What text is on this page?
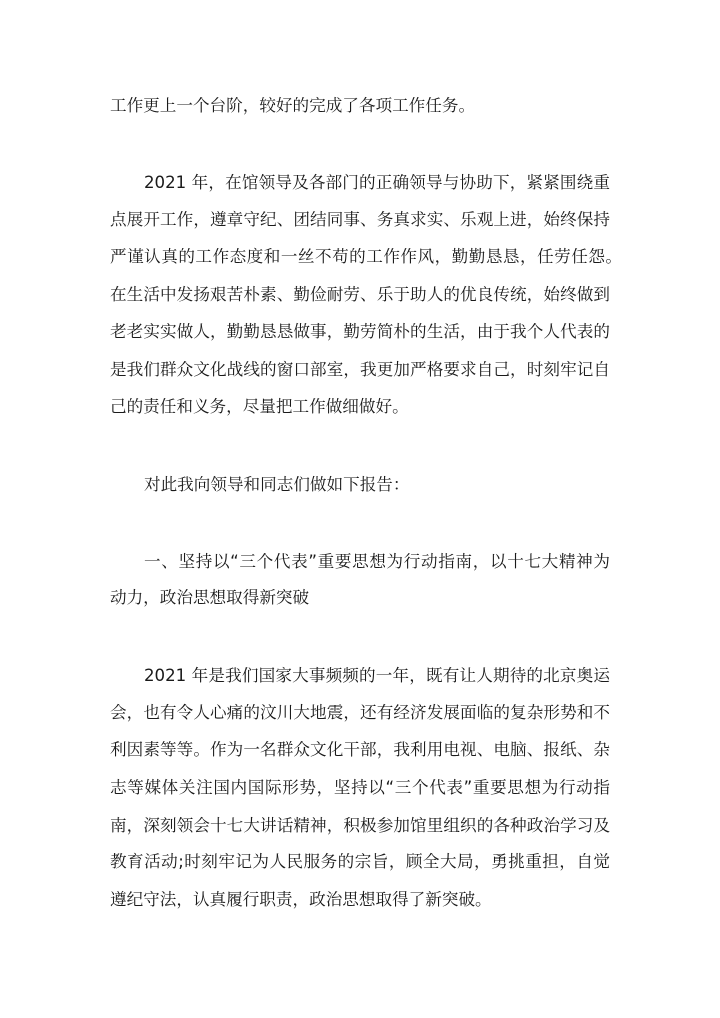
工作更上一个台阶，较好的完成了各项工作任务。
2021 年，在馆领导及各部门的正确领导与协助下，紧紧围绕重
点展开工作，遵章守纪、团结同事、务真求实、乐观上进，始终保持
严谨认真的工作态度和一丝不苟的工作作风，勤勤恳恳，任劳任怨。
在生活中发扬艰苦朴素、勤俭耐劳、乐于助人的优良传统，始终做到
老老实实做人，勤勤恳恳做事，勤劳简朴的生活，由于我个人代表的
是我们群众文化战线的窗口部室，我更加严格要求自己，时刻牢记自
己的责任和义务，尽量把工作做细做好。
对此我向领导和同志们做如下报告：
一、坚持以“三个代表”重要思想为行动指南，以十七大精神为
动力，政治思想取得新突破
2021 年是我们国家大事频频的一年，既有让人期待的北京奥运
会，也有令人心痛的汶川大地震，还有经济发展面临的复杂形势和不
利因素等等。作为一名群众文化干部，我利用电视、电脑、报纸、杂
志等媒体关注国内国际形势，坚持以“三个代表”重要思想为行动指
南，深刻领会十七大讲话精神，积极参加馆里组织的各种政治学习及
教育活动;时刻牢记为人民服务的宗旨，顾全大局，勇挑重担，自觉
遵纪守法，认真履行职责，政治思想取得了新突破。
